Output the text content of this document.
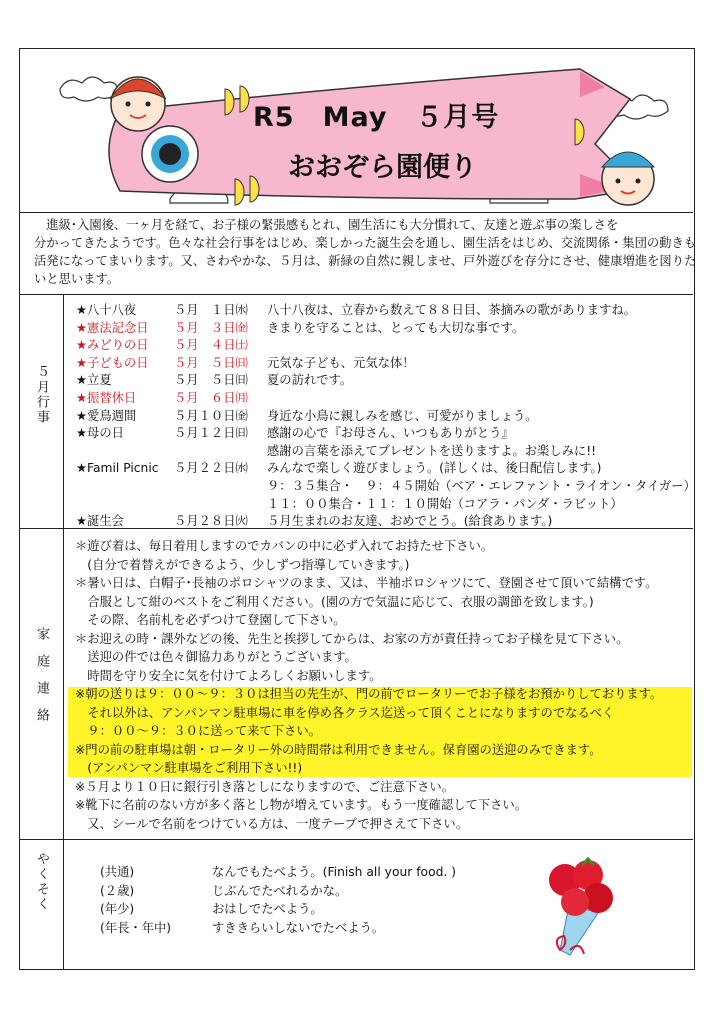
R5　May　５月号
おおぞら園便り
　進級･入園後、一ヶ月を経て、お子様の緊張感もとれ、園生活にも大分慣れて、友達と遊ぶ事の楽しさを
分かってきたようです。色々な社会行事をはじめ、楽しかった誕生会を通し、園生活をはじめ、交流関係・集団の動きも
活発になってまいります。又、さわやかな、５月は、新緑の自然に親しませ、戸外遊びを存分にさせ、健康増進を図りた
いと思います。
５月行事
★八十八夜	５月　１日㈬ 八十八夜は、立春から数えて８８日目、茶摘みの歌がありますね。
★憲法記念日 ５月　３日㈮ きまりを守ることは、とっても大切な事です。
★みどりの日 ５月　４日㈯
★子どもの日 ５月　５日㈰ 元気な子ども、元気な体！
★立夏	５月　５日㈰ 夏の訪れです。
★振替休日	５月　６日㈪
★愛鳥週間	５月１０日㈮ 身近な小鳥に親しみを感じ、可愛がりましょう。
★母の日	５月１２日㈰ 感謝の心で『お母さん、いつもありがとう』
感謝の言葉を添えてプレゼントを送りますよ。お楽しみに!!
★Famil Picnic ５月２２日㈬ みんなで楽しく遊びましょう。(詳しくは、後日配信します。)
９：３５集合・　９：４５開始（ベア・エレファント・ライオン・タイガー）
１１：００集合・１１：１０開始（コアラ・パンダ・ラビット）
★誕生会	５月２８日㈫ ５月生まれのお友達、おめでとう。(給食あります。)
家庭連絡
＊遊び着は、毎日着用しますのでカバンの中に必ず入れてお持たせ下さい。
　(自分で着替えができるよう、少しずつ指導していきます。)
＊暑い日は、白帽子･長袖のポロシャツのまま、又は、半袖ポロシャツにて、登園させて頂いて結構です。
　合服として紺のベストをご利用ください。(園の方で気温に応じて、衣服の調節を致します。)
　その際、名前札を必ずつけて登園して下さい。
＊お迎えの時・課外などの後、先生と挨拶してからは、お家の方が責任持ってお子様を見て下さい。
　送迎の件では色々御協力ありがとうございます。
　時間を守り安全に気を付けてよろしくお願いします。
※朝の送りは９：００～９：３０は担当の先生が、門の前でロータリーでお子様をお預かりしております。
　それ以外は、アンパンマン駐車場に車を停め各クラス迄送って頂くことになりますのでなるべく
　９：００～９：３０に送って来て下さい。
※門の前の駐車場は朝・ロータリー外の時間帯は利用できません。保育園の送迎のみできます。
　(アンパンマン駐車場をご利用下さい!!)
※５月より１０日に銀行引き落としになりますので、ご注意下さい。
※靴下に名前のない方が多く落とし物が増えています。もう一度確認して下さい。
　又、シールで名前をつけている方は、一度テープで押さえて下さい。
やくそく	(共通)	なんでもたべよう。(Finish all your food. )
(２歳)	じぶんでたべれるかな。
(年少)	おはしでたべよう。
(年長・年中)	すききらいしないでたべよう。
